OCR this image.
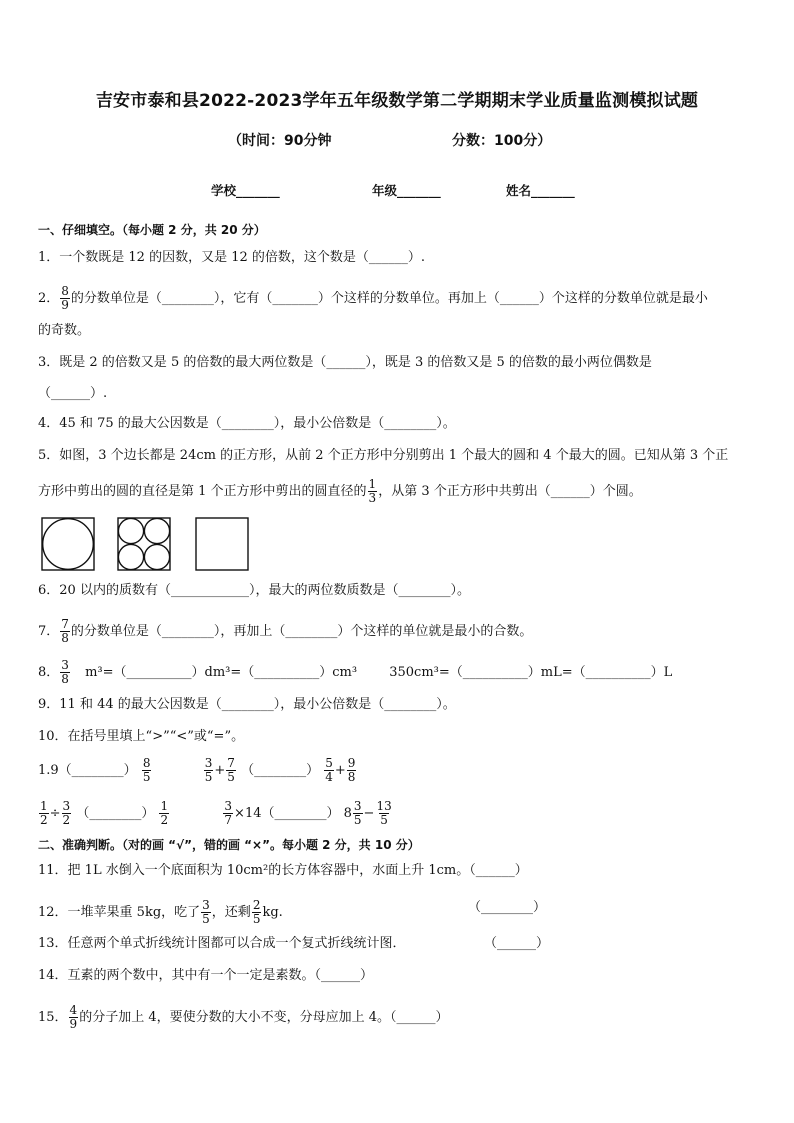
吉安市泰和县2022-2023学年五年级数学第二学期期末学业质量监测模拟试题
（时间：90分钟	分数：100分）
学校_______	年级_______	姓名_______
一、仔细填空。（每小题 2 分，共 20 分）
1．一个数既是 12 的因数，又是 12 的倍数，这个数是（______）.
2． $\frac{8}{9}$ 的分数单位是（________），它有（_______）个这样的分数单位。再加上（______）个这样的分数单位就是最小
的奇数。
3．既是 2 的倍数又是 5 的倍数的最大两位数是（______），既是 3 的倍数又是 5 的倍数的最小两位偶数是
（______）.
4．45 和 75 的最大公因数是（________），最小公倍数是（________）。
5．如图，3 个边长都是 24cm 的正方形，从前 2 个正方形中分别剪出 1 个最大的圆和 4 个最大的圆。已知从第 3 个正
方形中剪出的圆的直径是第 1 个正方形中剪出的圆直径的 $\frac{1}{3}$ ，从第 3 个正方形中共剪出（______）个圆。
6．20 以内的质数有（____________），最大的两位数质数是（________）。
7． $\frac{7}{8}$ 的分数单位是（________），再加上（________）个这样的单位就是最小的合数。
8． $\frac{3}{8}$ m³=（__________）dm³=（__________）cm³ 350cm³=（__________）mL=（__________）L
9．11 和 44 的最大公因数是（________），最小公倍数是（________）。
10．在括号里填上“>”“<”或“=”。
1.9（________） $\frac{8}{5}$
	$\frac{3}{5} + \frac{7}{5}$ （________） $\frac{5}{4} + \frac{9}{8}$
$\frac{1}{2} \div \frac{3}{2}$ （________） $\frac{1}{2}$
	$\frac{3}{7}$ ×14（________） $8 \frac{3}{5} - \frac{13}{5}$
二、准确判断。（对的画 “√”，错的画 “×”。每小题 2 分，共 10 分）
11．把 1L 水倒入一个底面积为 10cm²的长方体容器中，水面上升 1cm。（______）
12．一堆苹果重 5kg，吃了 $\frac{3}{5}$ ，还剩 $\frac{2}{5}$ kg.	（________）
13．任意两个单式折线统计图都可以合成一个复式折线统计图．	（______）
14．互素的两个数中，其中有一个一定是素数。（______）
15． $\frac{4}{9}$ 的分子加上 4，要使分数的大小不变，分母应加上 4。（______）
